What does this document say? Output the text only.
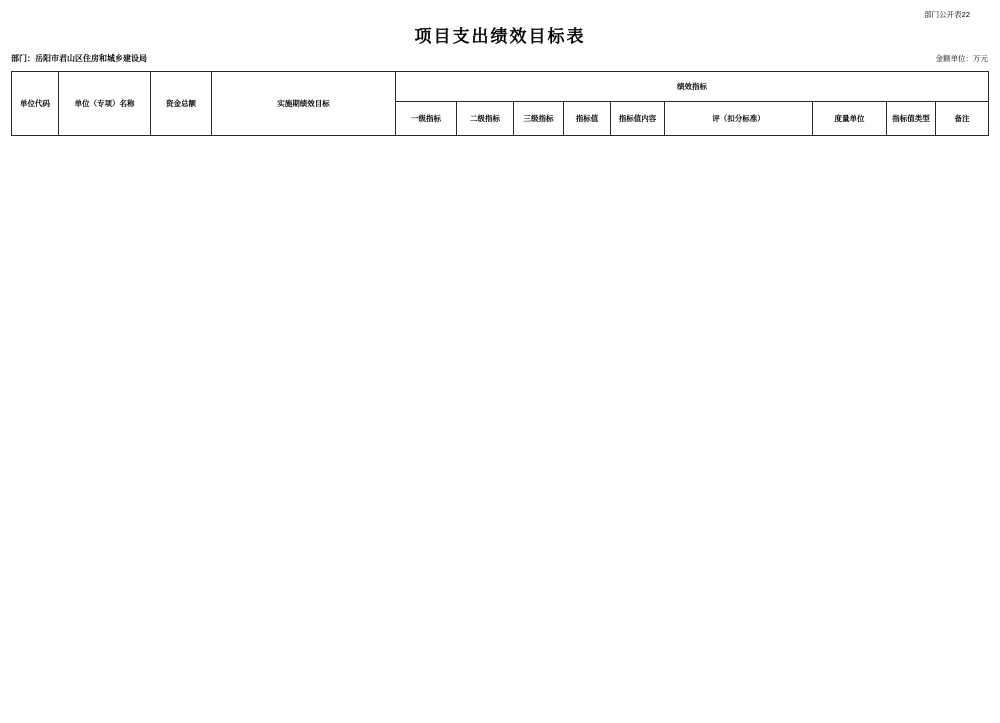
部门公开表22
项目支出绩效目标表
部门：岳阳市君山区住房和城乡建设局	金额单位：万元
单位代码	单位（专项）名称	资金总额	实施期绩效目标	绩效指标								
				一级指标	二级指标	三级指标	指标值	指标值内容	评（扣分标准）	度量单位	指标值类型	备注
